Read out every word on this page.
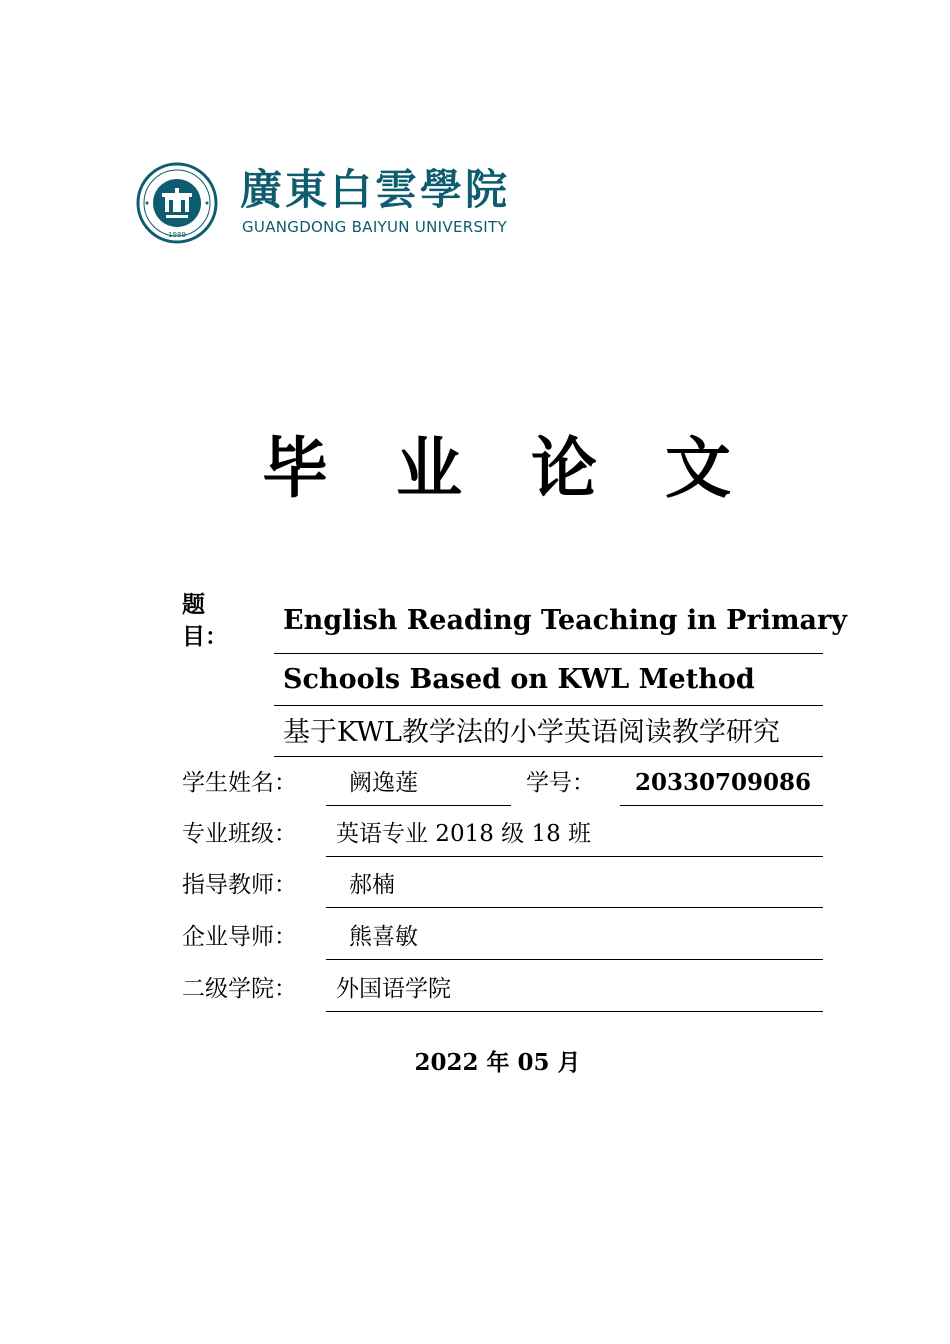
1989
廣東白雲學院
GUANGDONG BAIYUN UNIVERSITY
毕 业 论 文
题
目：
English Reading Teaching in Primary
Schools Based on KWL Method
基于KWL教学法的小学英语阅读教学研究
学生姓名： 阙逸莲	学号： 20330709086
专业班级： 英语专业 2018 级 18 班
指导教师： 郝楠
企业导师： 熊喜敏
二级学院： 外国语学院
2022 年 05 月
